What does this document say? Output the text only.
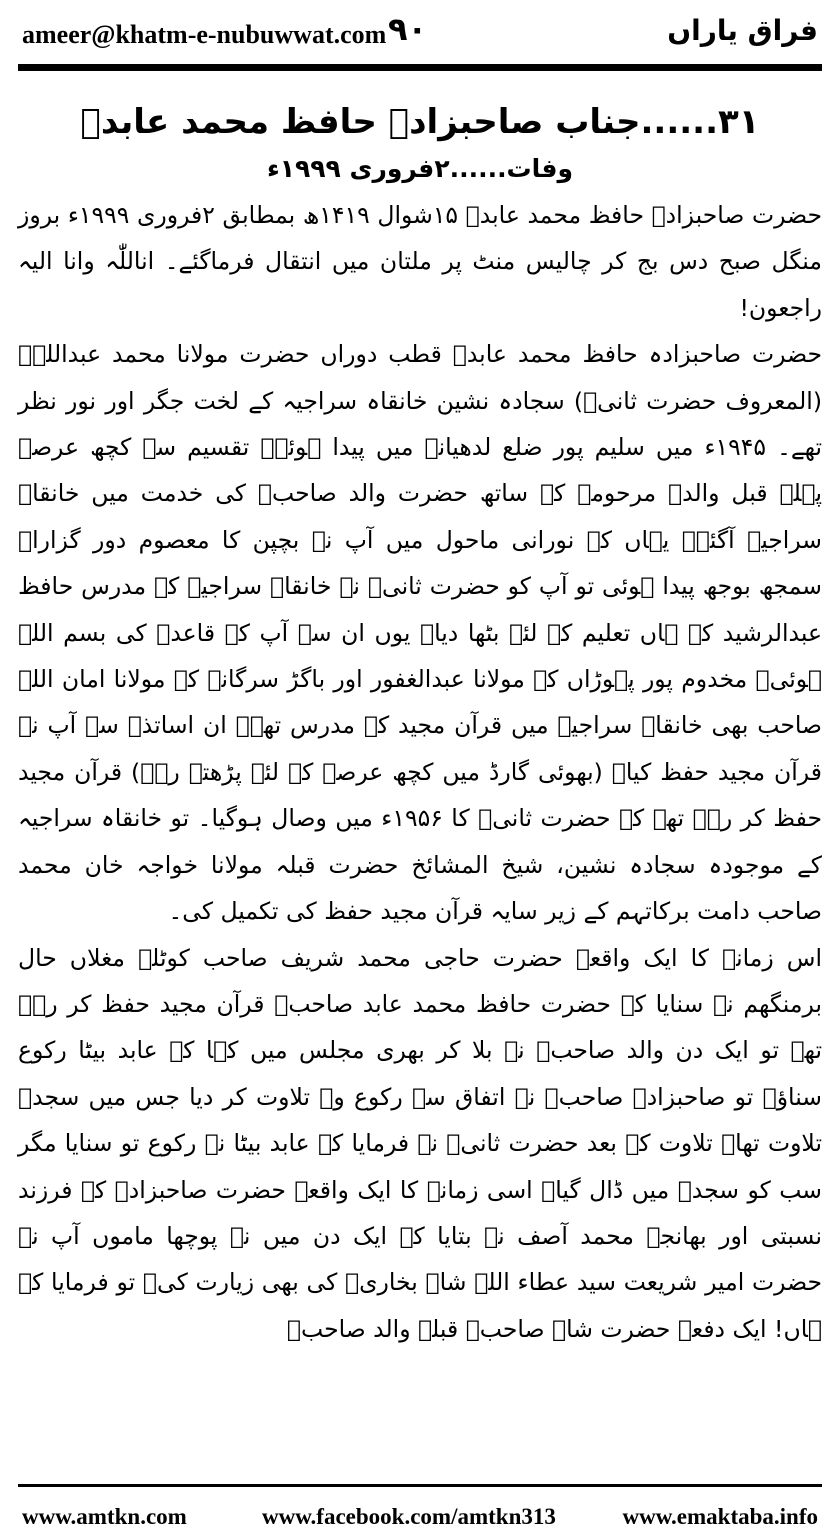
ameer@khatm-e-nubuwwat.com ۹۰	فراق یاراں
۳۱......جناب صاحبزادہ حافظ محمد عابدؒ
وفات......۲فروری ۱۹۹۹ء

حضرت صاحبزادہ حافظ محمد عابدؒ ۱۵شوال ۱۴۱۹ھ بمطابق ۲فروری ۱۹۹۹ء بروز منگل صبح دس بج کر چالیس منٹ پر ملتان میں انتقال فرماگئے۔ اناللّٰہ وانا الیہ راجعون!

حضرت صاحبزادہ حافظ محمد عابدؒ قطب دوراں حضرت مولانا محمد عبداللہؒ (المعروف حضرت ثانیؒ) سجادہ نشین خانقاہ سراجیہ کے لخت جگر اور نور نظر تھے۔ ۱۹۴۵ء میں سلیم پور ضلع لدھیانہ میں پیدا ہوئے۔ تقسیم سے کچھ عرصہ پہلے قبل والدہ مرحومہ کے ساتھ حضرت والد صاحبؒ کی خدمت میں خانقاہ سراجیہ آگئے۔ یہاں کے نورانی ماحول میں آپ نے بچپن کا معصوم دور گزارا۔ سمجھ بوجھ پیدا ہوئی تو آپ کو حضرت ثانیؒ نے خانقاہ سراجیہ کے مدرس حافظ عبدالرشید کے ہاں تعلیم کے لئے بٹھا دیا۔ یوں ان سے آپ کے قاعدہ کی بسم اللہ ہوئی۔ مخدوم پور پہوڑاں کے مولانا عبدالغفور اور باگڑ سرگانہ کے مولانا امان اللہ صاحب بھی خانقاہ سراجیہ میں قرآن مجید کے مدرس تھے۔ ان اساتذہ سے آپ نے قرآن مجید حفظ کیا۔ (بھوئی گارڈ میں کچھ عرصہ کے لئے پڑھتے رہے) قرآن مجید حفظ کر رہے تھے کہ حضرت ثانیؒ کا ۱۹۵۶ء میں وصال ہوگیا۔ تو خانقاہ سراجیہ کے موجودہ سجادہ نشین، شیخ المشائخ حضرت قبلہ مولانا خواجہ خان محمد صاحب دامت برکاتہم کے زیر سایہ قرآن مجید حفظ کی تکمیل کی۔

اس زمانہ کا ایک واقعہ حضرت حاجی محمد شریف صاحب کوٹلہ مغلاں حال برمنگھم نے سنایا کہ حضرت حافظ محمد عابد صاحبؒ قرآن مجید حفظ کر رہے تھے تو ایک دن والد صاحبؒ نے بلا کر بھری مجلس میں کہا کہ عابد بیٹا رکوع سناؤ۔ تو صاحبزادہ صاحبؒ نے اتفاق سے رکوع وہ تلاوت کر دیا جس میں سجدہ تلاوت تھا۔ تلاوت کے بعد حضرت ثانیؒ نے فرمایا کہ عابد بیٹا نے رکوع تو سنایا مگر سب کو سجدہ میں ڈال گیا۔ اسی زمانہ کا ایک واقعہ حضرت صاحبزادہ کے فرزند نسبتی اور بھانجے محمد آصف نے بتایا کہ ایک دن میں نے پوچھا ماموں آپ نے حضرت امیر شریعت سید عطاء اللہ شاہ بخاریؒ کی بھی زیارت کی۔ تو فرمایا کہ ہاں! ایک دفعہ حضرت شاہ صاحبؒ قبلہ والد صاحبؒ

www.amtkn.com	www.facebook.com/amtkn313	www.emaktaba.info
